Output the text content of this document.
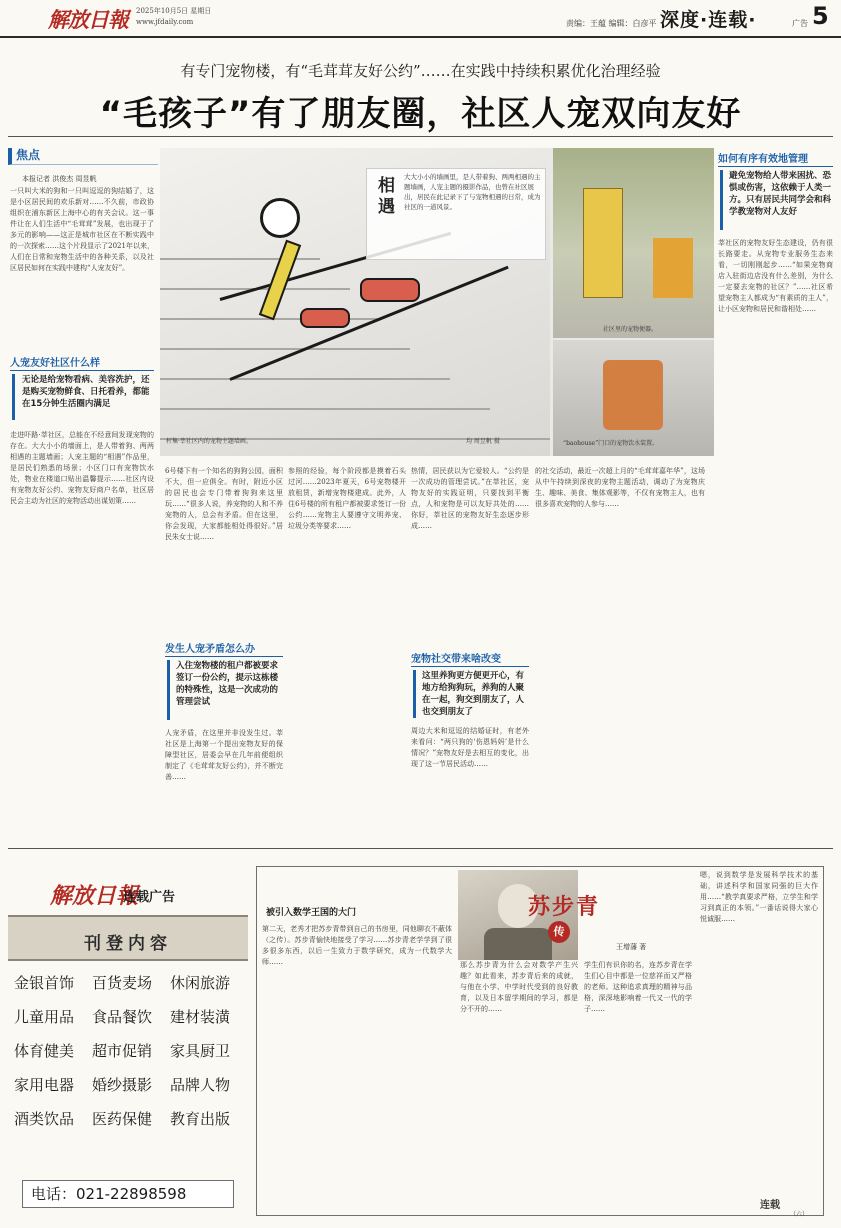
解放日報 2025年10月5日 星期日
www.jfdaily.com	责编：王蕴 编辑：白彦平 深度·连载·	广告 5
有专门宠物楼，有“毛茸茸友好公约”……在实践中持续积累优化治理经验
“毛孩子”有了朋友圈，社区人宠双向友好
焦点
本报记者 洪俊杰 周昱帆
一只叫大米的狗和一只叫逗逗的狗结婚了，这是小区居民间的欢乐新对……不久前，市政协组织在浦东新区上海中心的有关会议。这一事件让在人们生活中“毛茸茸”发展，也出现于了多元的影响——这正是城市社区在不断实践中的一次探索……这个片段显示了2021年以来，人们在日常和宠物生活中的各种关系，以及社区居民如何在实践中建构“人宠友好”。
人宠友好社区什么样
无论是给宠物看病、美容洗护，还是购买宠物鲜食、日托看养，都能在15分钟生活圈内满足
走进吓路·莘社区，总能在不经意间发现宠物的存在。大大小小的墙面上，是人带着狗、两两相遇的主题墙画；人宠主题的“相遇”作品里，是居民们熟悉的场景；小区门口有宠物饮水处，物业在楼道口贴出温馨提示……社区内设有宠物友好公约、宠物友好商户名单，社区居民会主动为社区的宠物活动出谋划策……
相遇	大大小小的墙画里，是人带着狗、两两相遇的主题墙画，人宠主题的摄影作品，也曾在社区展出，居民在此记录下了与宠物相遇的日常，成为社区的一道风景。
杆集·莘社区内的宠物主题墙画。	均 周昱帆 摄
社区里的宠物便器。
“baohouse”门口的宠物饮水装置。
6号楼下有一个知名的狗狗公园，面积不大，但一应俱全。有时，附近小区的居民也会专门带着狗狗来这里玩……“很多人说，养宠物的人和不养宠物的人，总会有矛盾。但在这里，你会发现，大家都能相处得很好。”居民朱女士说……
发生人宠矛盾怎么办
入住宠物楼的租户都被要求签订一份公约，提示这栋楼的特殊性，这是一次成功的管理尝试
人宠矛盾，在这里并非没发生过。莘社区是上海第一个提出宠物友好的保障型社区，居委会早在几年前便组织制定了《毛茸茸友好公约》，并不断完善……
参照的经验，每个阶段都是摸着石头过河……2023年夏天，6号宠物楼开放租赁，新增宠物楼建成。此外，人住6号楼的所有租户都被要求签订一份公约……宠物主人要遵守文明养宠、垃圾分类等要求……
热情，居民获以为它爱较人。“公约是一次成功的管理尝试。”在莘社区，宠物友好的实践证明，只要找到平衡点，人和宠物是可以友好共处的……你好，莘社区的宠物友好生态逐步形成……
宠物社交带来啥改变
这里养狗更方便更开心，有地方给狗狗玩，养狗的人聚在一起，狗交到朋友了，人也交到朋友了
周边大米和逗逗的结婚证时，有老外来看问：“两只狗的‘伤恩妈妈’是什么情况？”宠物友好是去相互的变化，出现了这一节居民活动……
的社交活动，最近一次超上月的“毛茸茸嘉年华”，这场从中午持续到深夜的宠物主题活动，调动了为宠物庆生、趣味、美食、集体观影等，不仅有宠物主人，也有很多喜欢宠物的人参与……
如何有序有效地管理
避免宠物给人带来困扰、恐惧或伤害，这依赖于人类一方。只有居民共同学会和科学教宠物对人友好
莘社区的宠物友好生态建设，仍有很长路要走。从宠物专业服务生态来看，一切刚刚起步……“如果宠物商店入驻街边店没有什么差别，为什么一定要去宠物的社区？”……社区希望宠物主人都成为“有素质的主人”，让小区宠物和居民和谐相处……
解放日報
连载广告
刊登内容
金银首饰 百货麦场 休闲旅游
儿童用品 食品餐饮 建材装潢
体育健美 超市促销 家具厨卫
家用电器 婚纱摄影 品牌人物
酒类饮品 医药保健 教育出版
电话：021-22898598
被引入数学王国的大门	苏步青
传
王增藩 著
第二天，老秀才把苏步青带到自己的书房里，同他聊衣不蔽体（之传）。苏步青愉快地接受了学习……苏步青老学学到了很多很多东西，以后一生致力于数学研究，成为一代数学大师……	那么苏步青为什么会对数学产生兴趣？如此看来，苏步青后来的成就，与他在小学、中学时代受到的良好教育，以及日本留学期间的学习，都是分不开的……
学生们有识你的名，连苏步青在学生们心目中都是一位慈祥而又严格的老师。这种追求真理的精神与品格，深深地影响着一代又一代的学子……
嗯，说到数学是发展科学技术的基础，讲述科学和国家同强的巨大作用……“教学真要求严格，立学生和学习到真正的本领。”一番话说得大家心悦诚服……
连载
（六）
